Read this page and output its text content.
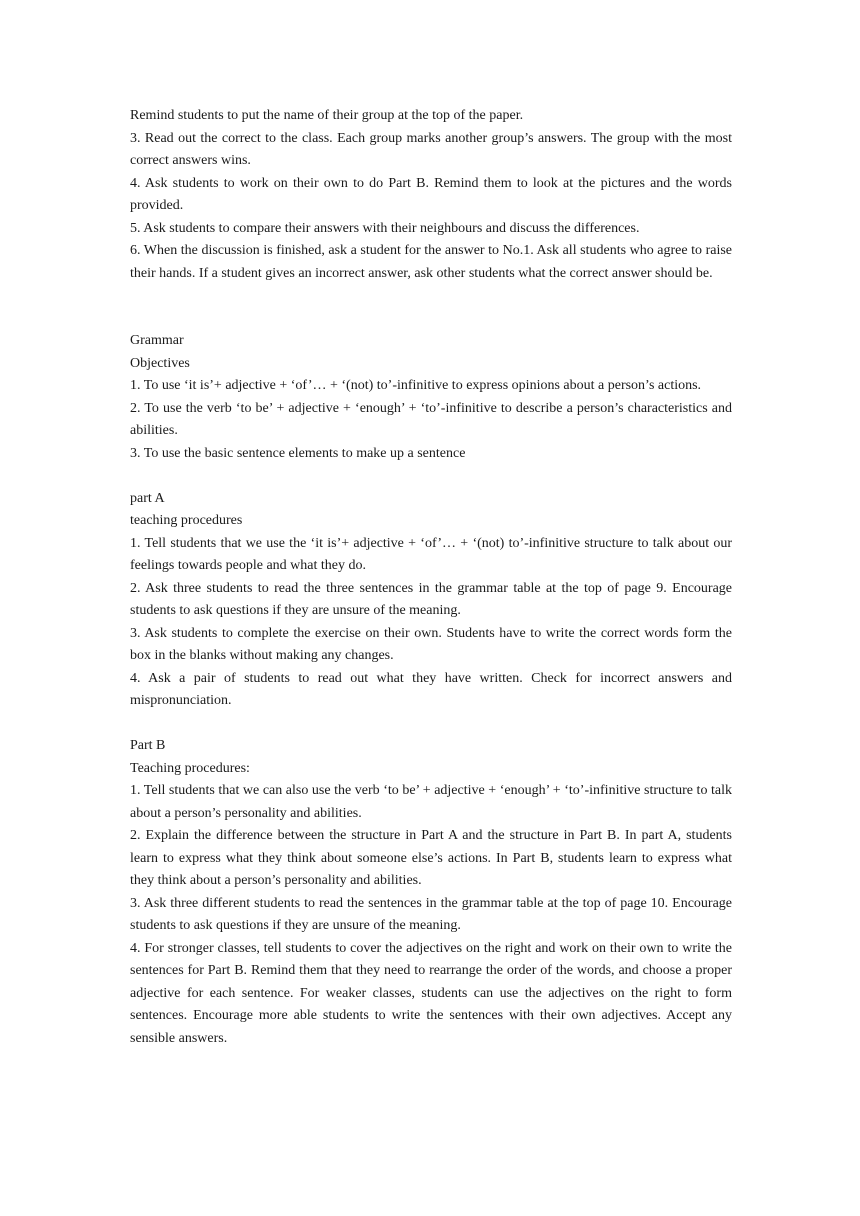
Remind students to put the name of their group at the top of the paper.

3. Read out the correct to the class. Each group marks another group’s answers. The group with the most correct answers wins.

4. Ask students to work on their own to do Part B. Remind them to look at the pictures and the words provided.

5. Ask students to compare their answers with their neighbours and discuss the differences.

6. When the discussion is finished, ask a student for the answer to No.1. Ask all students who agree to raise their hands. If a student gives an incorrect answer, ask other students what the correct answer should be.

Grammar

Objectives

1. To use ‘it is’+ adjective + ‘of’… + ‘(not) to’-infinitive to express opinions about a person’s actions.

2. To use the verb ‘to be’ + adjective + ‘enough’ + ‘to’-infinitive to describe a person’s characteristics and abilities.

3. To use the basic sentence elements to make up a sentence

part A

teaching procedures

1. Tell students that we use the ‘it is’+ adjective + ‘of’… + ‘(not) to’-infinitive structure to talk about our feelings towards people and what they do.

2. Ask three students to read the three sentences in the grammar table at the top of page 9. Encourage students to ask questions if they are unsure of the meaning.

3. Ask students to complete the exercise on their own. Students have to write the correct words form the box in the blanks without making any changes.

4. Ask a pair of students to read out what they have written. Check for incorrect answers and mispronunciation.

Part B

Teaching procedures:

1. Tell students that we can also use the verb ‘to be’ + adjective + ‘enough’ + ‘to’-infinitive structure to talk about a person’s personality and abilities.

2. Explain the difference between the structure in Part A and the structure in Part B. In part A, students learn to express what they think about someone else’s actions. In Part B, students learn to express what they think about a person’s personality and abilities.

3. Ask three different students to read the sentences in the grammar table at the top of page 10. Encourage students to ask questions if they are unsure of the meaning.

4. For stronger classes, tell students to cover the adjectives on the right and work on their own to write the sentences for Part B. Remind them that they need to rearrange the order of the words, and choose a proper adjective for each sentence. For weaker classes, students can use the adjectives on the right to form sentences. Encourage more able students to write the sentences with their own adjectives. Accept any sensible answers.
